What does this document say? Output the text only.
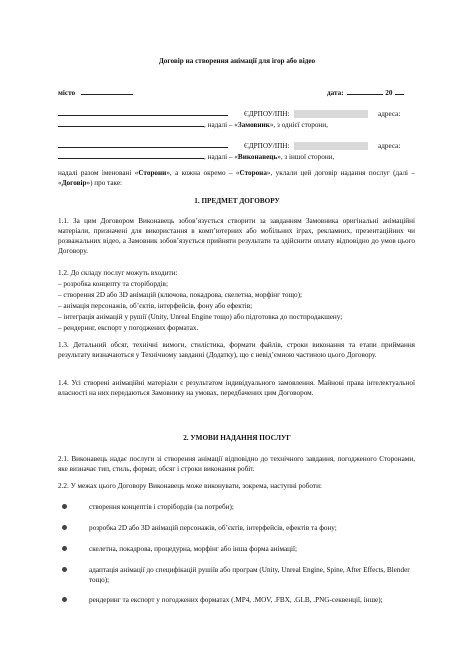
Договір на створення анімації для ігор або відео
місто	дата:	20
ЄДРПОУ/ІПН:	адреса:
, надалі – «Замовник», з однієї сторони,
ЄДРПОУ/ІПН:	адреса:
, надалі – «Виконавець», з іншої сторони,
надалі разом іменовані «Сторони», а кожна окремо – «Сторона», уклали цей договір надання послуг (далі – «Договір») про таке:
1. ПРЕДМЕТ ДОГОВОРУ
1.1. За цим Договором Виконавець зобов’язується створити за завданням Замовника оригінальні анімаційні матеріали, призначені для використання в комп’ютерних або мобільних іграх, рекламних, презентаційних чи розважальних відео, а Замовник зобов’язується прийняти результати та здійснити оплату відповідно до умов цього Договору.
1.2. До складу послуг можуть входити:
– розробка концепту та сторібордів;
– створення 2D або 3D анімацій (ключова, покадрова, скелетна, морфінг тощо);
– анімація персонажів, об’єктів, інтерфейсів, фону або ефектів;
– інтеграція анімацій у рушії (Unity, Unreal Engine тощо) або підготовка до постпродакшену;
– рендеринг, експорт у погоджених форматах.
1.3. Детальний обсяг, технічні вимоги, стилістика, формати файлів, строки виконання та етапи приймання результату визначаються у Технічному завданні (Додатку), що є невід’ємною частиною цього Договору.
1.4. Усі створені анімаційні матеріали є результатом індивідуального замовлення. Майнові права інтелектуальної власності на них передаються Замовнику на умовах, передбачених цим Договором.
2. УМОВИ НАДАННЯ ПОСЛУГ
2.1. Виконавець надає послуги зі створення анімації відповідно до технічного завдання, погодженого Сторонами, яке визначає тип, стиль, формат, обсяг і строки виконання робіт.
2.2. У межах цього Договору Виконавець може виконувати, зокрема, наступні роботи:
створення концептів і сторібордів (за потреби);
розробка 2D або 3D анімацій персонажів, об’єктів, інтерфейсів, ефектів та фону;
скелетна, покадрова, процедурна, морфінг або інша форма анімації;
адаптація анімації до специфікацій рушіїв або програм (Unity, Unreal Engine, Spine, After Effects, Blender тощо);
рендеринг та експорт у погоджених форматах (.MP4, .MOV, .FBX, .GLB, .PNG-секвенції, інше);
